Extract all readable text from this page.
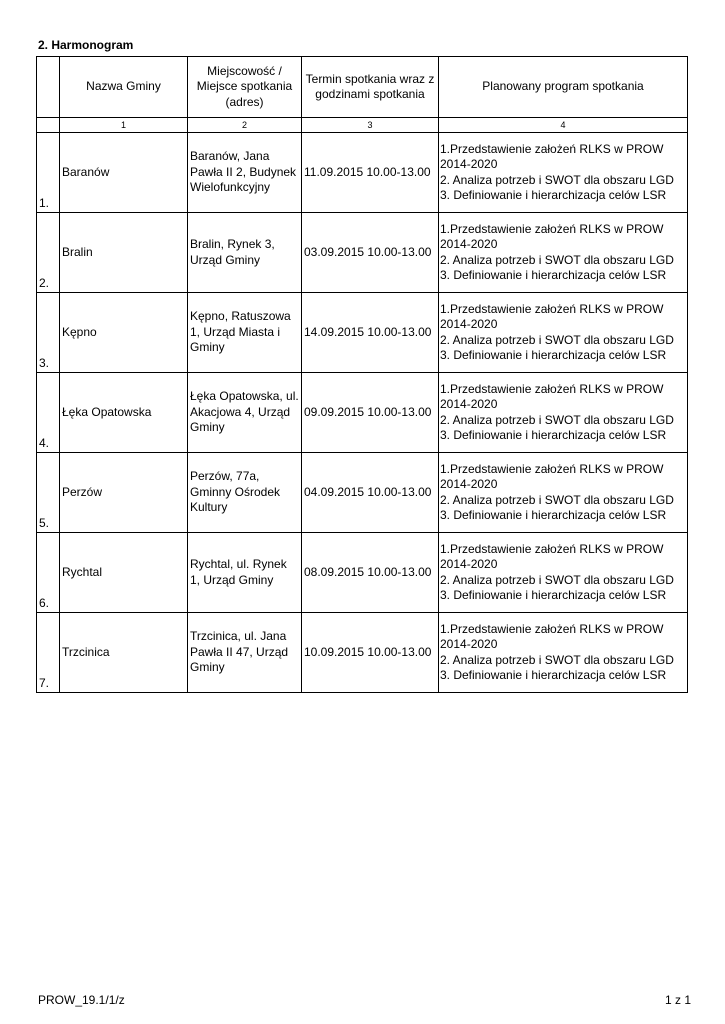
2. Harmonogram
	Nazwa Gminy	Miejscowość / Miejsce spotkania (adres)	Termin spotkania wraz z godzinami spotkania	Planowany program spotkania
	1	2	3	4
1.	Baranów	Baranów, Jana Pawła II 2, Budynek Wielofunkcyjny	11.09.2015 10.00-13.00	1.Przedstawienie założeń RLKS w PROW
2014-2020
2. Analiza potrzeb i SWOT dla obszaru LGD
3. Definiowanie i hierarchizacja celów LSR

2.	Bralin	Bralin, Rynek 3, Urząd Gminy	03.09.2015 10.00-13.00	1.Przedstawienie założeń RLKS w PROW
2014-2020
2. Analiza potrzeb i SWOT dla obszaru LGD
3. Definiowanie i hierarchizacja celów LSR

3.	Kępno	Kępno, Ratuszowa 1, Urząd Miasta i Gminy	14.09.2015 10.00-13.00	1.Przedstawienie założeń RLKS w PROW
2014-2020
2. Analiza potrzeb i SWOT dla obszaru LGD
3. Definiowanie i hierarchizacja celów LSR

4.	Łęka Opatowska	Łęka Opatowska, ul. Akacjowa 4, Urząd Gminy	09.09.2015 10.00-13.00	1.Przedstawienie założeń RLKS w PROW
2014-2020
2. Analiza potrzeb i SWOT dla obszaru LGD
3. Definiowanie i hierarchizacja celów LSR

5.	Perzów	Perzów, 77a, Gminny Ośrodek Kultury	04.09.2015 10.00-13.00	1.Przedstawienie założeń RLKS w PROW
2014-2020
2. Analiza potrzeb i SWOT dla obszaru LGD
3. Definiowanie i hierarchizacja celów LSR

6.	Rychtal	Rychtal, ul. Rynek 1, Urząd Gminy	08.09.2015 10.00-13.00	1.Przedstawienie założeń RLKS w PROW
2014-2020
2. Analiza potrzeb i SWOT dla obszaru LGD
3. Definiowanie i hierarchizacja celów LSR

7.	Trzcinica	Trzcinica, ul. Jana Pawła II 47, Urząd Gminy	10.09.2015 10.00-13.00	1.Przedstawienie założeń RLKS w PROW
2014-2020
2. Analiza potrzeb i SWOT dla obszaru LGD
3. Definiowanie i hierarchizacja celów LSR
PROW_19.1/1/z	1 z 1
